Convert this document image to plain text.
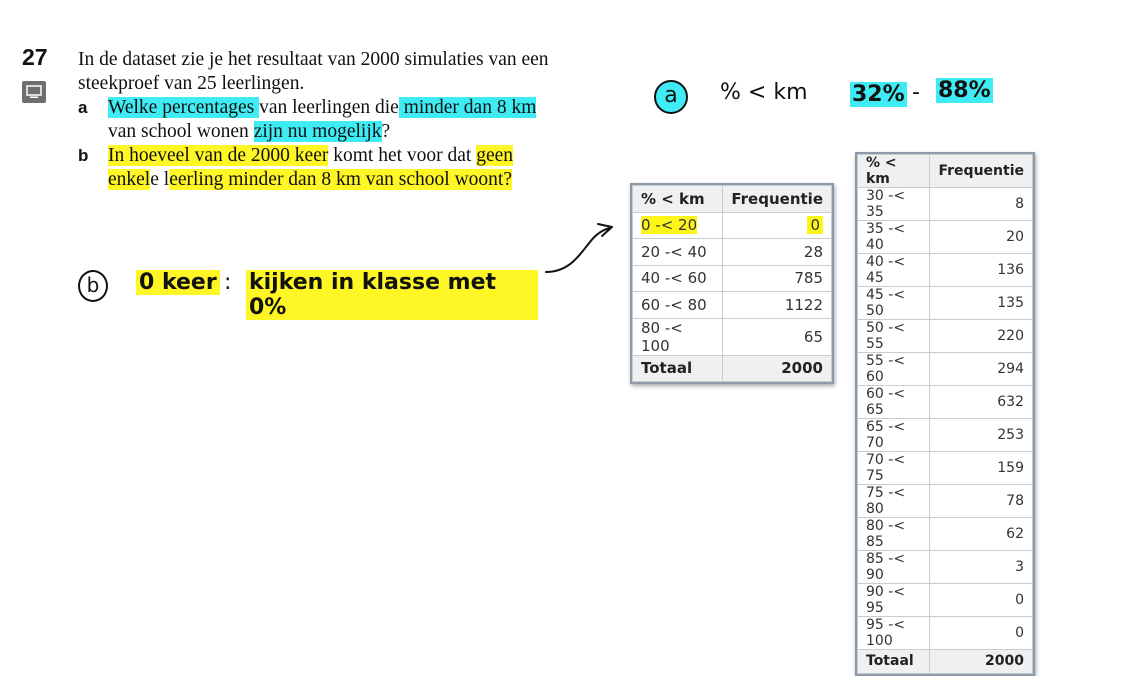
27 In de dataset zie je het resultaat van 2000 simulaties van een
steekproef van 25 leerlingen.
a Welke percentages van leerlingen die minder dan 8 km
van school wonen zijn nu mogelijk?
b In hoeveel van de 2000 keer komt het voor dat geen
enkele leerling minder dan 8 km van school woont?
a	% < km 32% - 88%
b	0 keer : kijken in klasse met 0%
% < km	Frequentie
0 -< 20	0
20 -< 40	28
40 -< 60	785
60 -< 80	1122
80 -< 100	65
Totaal	2000
% < km	Frequentie
30 -< 35	8
35 -< 40	20
40 -< 45	136
45 -< 50	135
50 -< 55	220
55 -< 60	294
60 -< 65	632
65 -< 70	253
70 -< 75	159
75 -< 80	78
80 -< 85	62
85 -< 90	3
90 -< 95	0
95 -< 100	0
Totaal	2000
